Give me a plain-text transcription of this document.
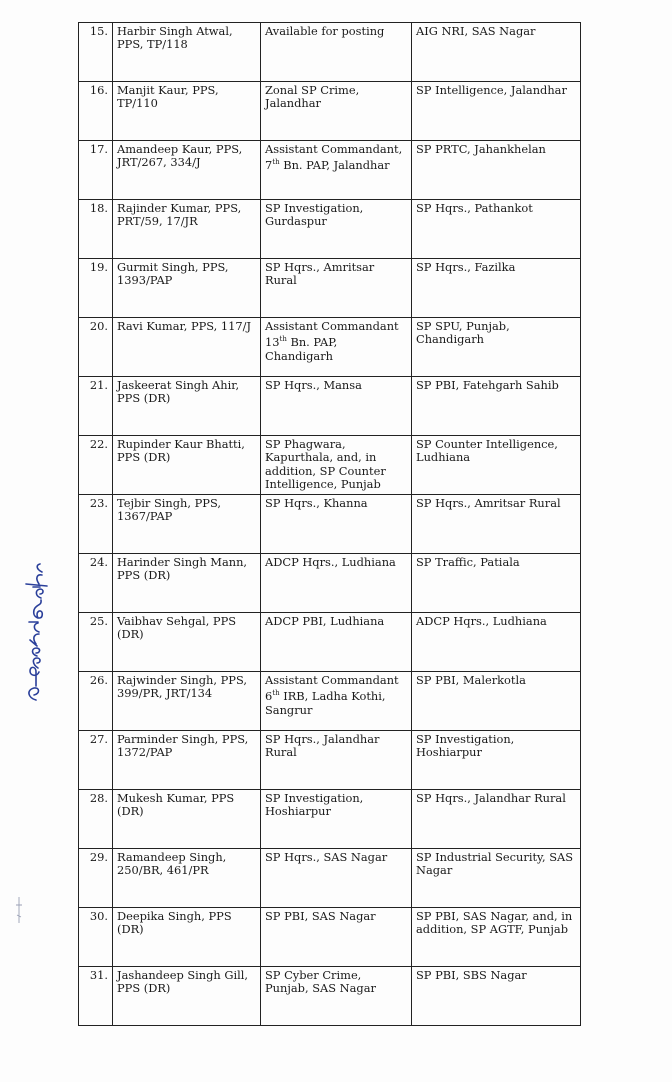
15.	Harbir Singh Atwal, PPS, TP/118	Available for posting	AIG NRI, SAS Nagar
16.	Manjit Kaur, PPS, TP/110	Zonal SP Crime, Jalandhar	SP Intelligence, Jalandhar
17.	Amandeep Kaur, PPS, JRT/267, 334/J	Assistant Commandant, 7th Bn. PAP, Jalandhar	SP PRTC, Jahankhelan
18.	Rajinder Kumar, PPS, PRT/59, 17/JR	SP Investigation, Gurdaspur	SP Hqrs., Pathankot
19.	Gurmit Singh, PPS, 1393/PAP	SP Hqrs., Amritsar Rural	SP Hqrs., Fazilka
20.	Ravi Kumar, PPS, 117/J	Assistant Commandant 13th Bn. PAP, Chandigarh	SP SPU, Punjab, Chandigarh
21.	Jaskeerat Singh Ahir, PPS (DR)	SP Hqrs., Mansa	SP PBI, Fatehgarh Sahib
22.	Rupinder Kaur Bhatti, PPS (DR)	SP Phagwara, Kapurthala, and, in addition, SP Counter Intelligence, Punjab	SP Counter Intelligence, Ludhiana
23.	Tejbir Singh, PPS, 1367/PAP	SP Hqrs., Khanna	SP Hqrs., Amritsar Rural
24.	Harinder Singh Mann, PPS (DR)	ADCP Hqrs., Ludhiana	SP Traffic, Patiala
25.	Vaibhav Sehgal, PPS (DR)	ADCP PBI, Ludhiana	ADCP Hqrs., Ludhiana
26.	Rajwinder Singh, PPS, 399/PR, JRT/134	Assistant Commandant 6th IRB, Ladha Kothi, Sangrur	SP PBI, Malerkotla
27.	Parminder Singh, PPS, 1372/PAP	SP Hqrs., Jalandhar Rural	SP Investigation, Hoshiarpur
28.	Mukesh Kumar, PPS (DR)	SP Investigation, Hoshiarpur	SP Hqrs., Jalandhar Rural
29.	Ramandeep Singh, 250/BR, 461/PR	SP Hqrs., SAS Nagar	SP Industrial Security, SAS Nagar
30.	Deepika Singh, PPS (DR)	SP PBI, SAS Nagar	SP PBI, SAS Nagar, and, in addition, SP AGTF, Punjab
31.	Jashandeep Singh Gill, PPS (DR)	SP Cyber Crime, Punjab, SAS Nagar	SP PBI, SBS Nagar
